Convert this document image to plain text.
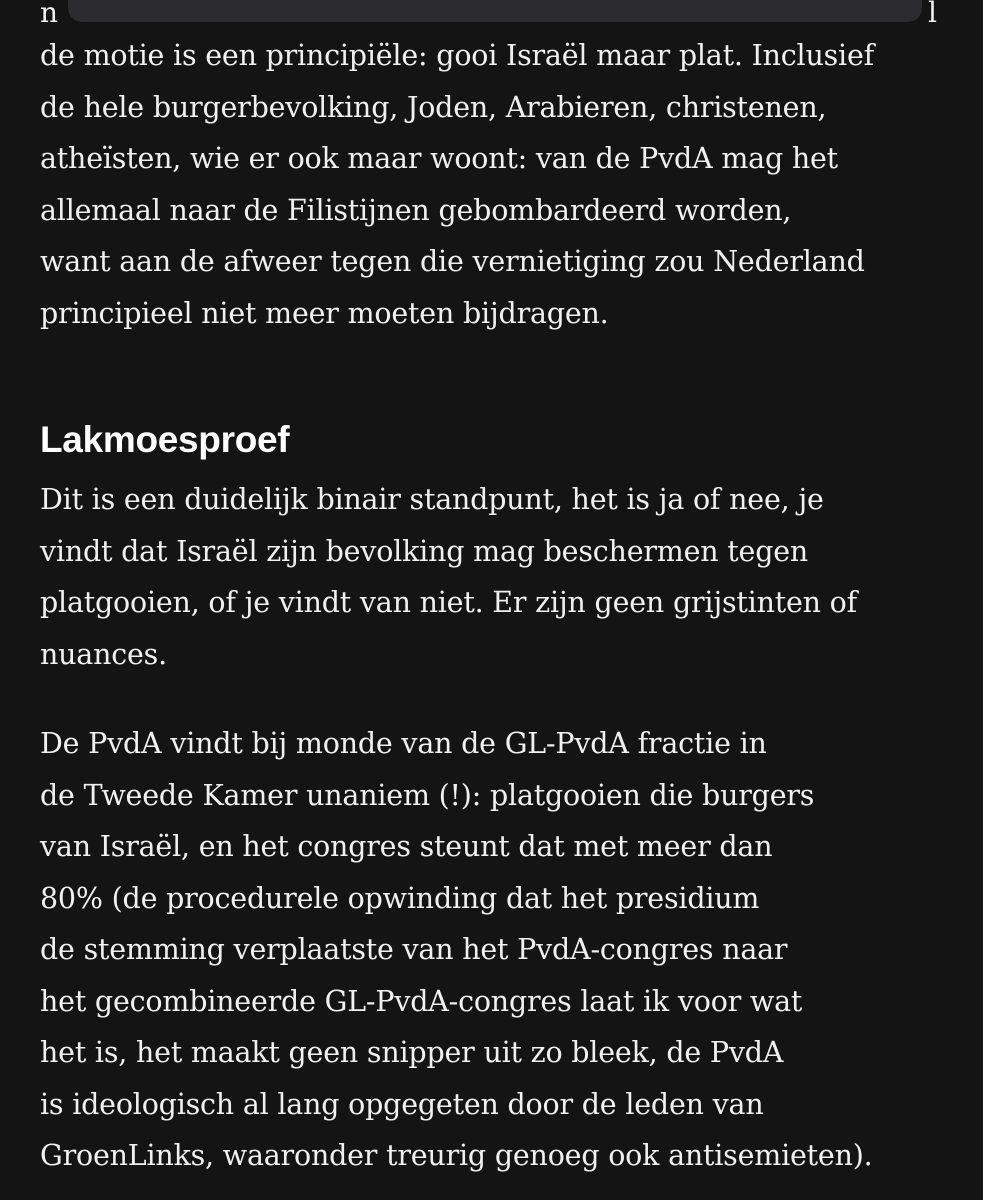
n	l

de motie is een principiële: gooi Israël maar plat. Inclusief
de hele burgerbevolking, Joden, Arabieren, christenen,
atheïsten, wie er ook maar woont: van de PvdA mag het
allemaal naar de Filistijnen gebombardeerd worden,
want aan de afweer tegen die vernietiging zou Nederland
principieel niet meer moeten bijdragen.

Lakmoesproef

Dit is een duidelijk binair standpunt, het is ja of nee, je
vindt dat Israël zijn bevolking mag beschermen tegen
platgooien, of je vindt van niet. Er zijn geen grijstinten of
nuances.

De PvdA vindt bij monde van de GL-PvdA fractie in
de Tweede Kamer unaniem (!): platgooien die burgers
van Israël, en het congres steunt dat met meer dan
80% (de procedurele opwinding dat het presidium
de stemming verplaatste van het PvdA-congres naar
het gecombineerde GL-PvdA-congres laat ik voor wat
het is, het maakt geen snipper uit zo bleek, de PvdA
is ideologisch al lang opgegeten door de leden van
GroenLinks, waaronder treurig genoeg ook antisemieten).
